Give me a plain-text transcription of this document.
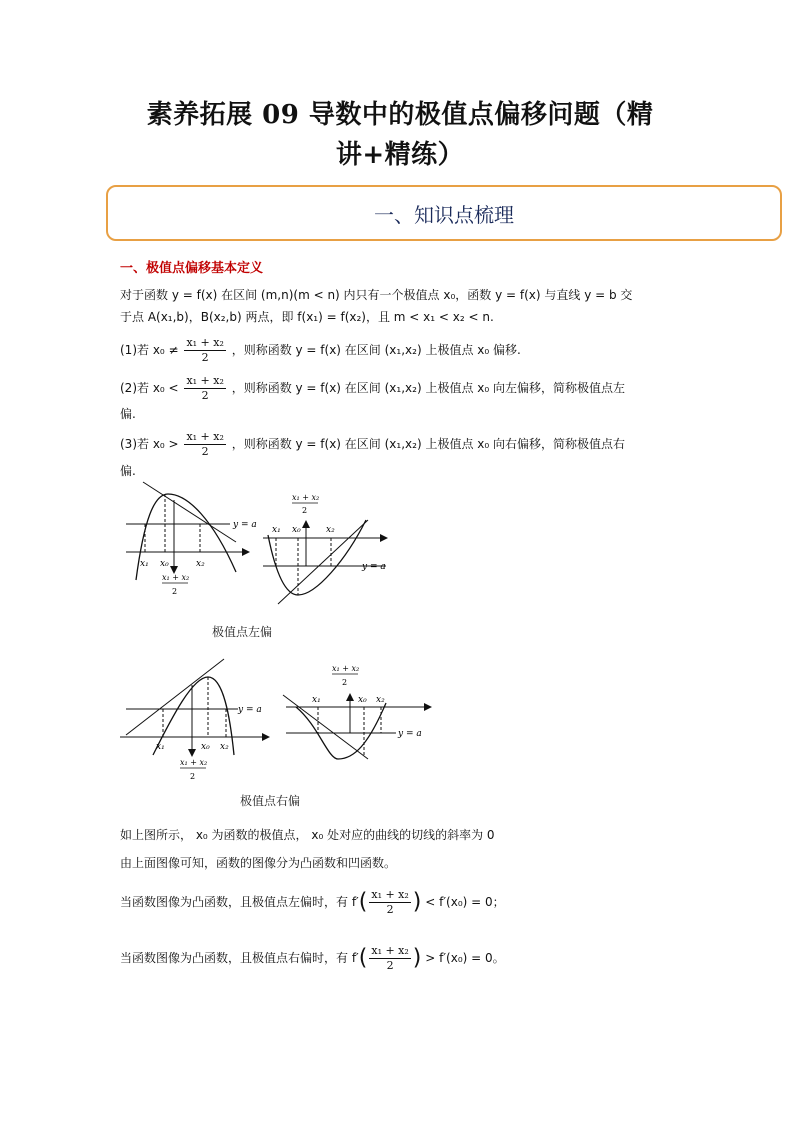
素养拓展 09 导数中的极值点偏移问题（精
讲+精练）
一、知识点梳理
一、极值点偏移基本定义
对于函数 y = f(x) 在区间 (m,n)(m < n) 内只有一个极值点 x₀，函数 y = f(x) 与直线 y = b 交
于点 A(x₁,b)，B(x₂,b) 两点，即 f(x₁) = f(x₂)，且 m < x₁ < x₂ < n.
(1)若 $x_0 \ne \frac{\text{x₁ + x₂}}{2}$ ，则称函数 y = f(x) 在区间 (x₁,x₂) 上极值点 x₀ 偏移.
(2)若 $x_0 < \frac{\text{x₁ + x₂}}{2}$ ，则称函数 y = f(x) 在区间 (x₁,x₂) 上极值点 x₀ 向左偏移，简称极值点左
偏.
(3)若 $x_0 > \frac{\text{x₁ + x₂}}{2}$ ，则称函数 y = f(x) 在区间 (x₁,x₂) 上极值点 x₀ 向右偏移，简称极值点右
偏.
x₁ x₀	x₂
y = a
x₁ + x₂
2
x₁ x₀	x₂
y = a
x₁ + x₂
2
极值点左偏
x₁	x₀ x₂
y = a
x₁ + x₂
2
x₁	x₀ x₂
y = a
x₁ + x₂
2
极值点右偏
如上图所示， x₀ 为函数的极值点， x₀ 处对应的曲线的切线的斜率为 0
由上面图像可知，函数的图像分为凸函数和凹函数。
当函数图像为凸函数，且极值点左偏时，有 $f'( \frac{\text{x₁ + x₂}}{2}$ ) < f′(x₀) = 0；
当函数图像为凸函数，且极值点右偏时，有 $f'( \frac{\text{x₁ + x₂}}{2}$ ) > f′(x₀) = 0。
